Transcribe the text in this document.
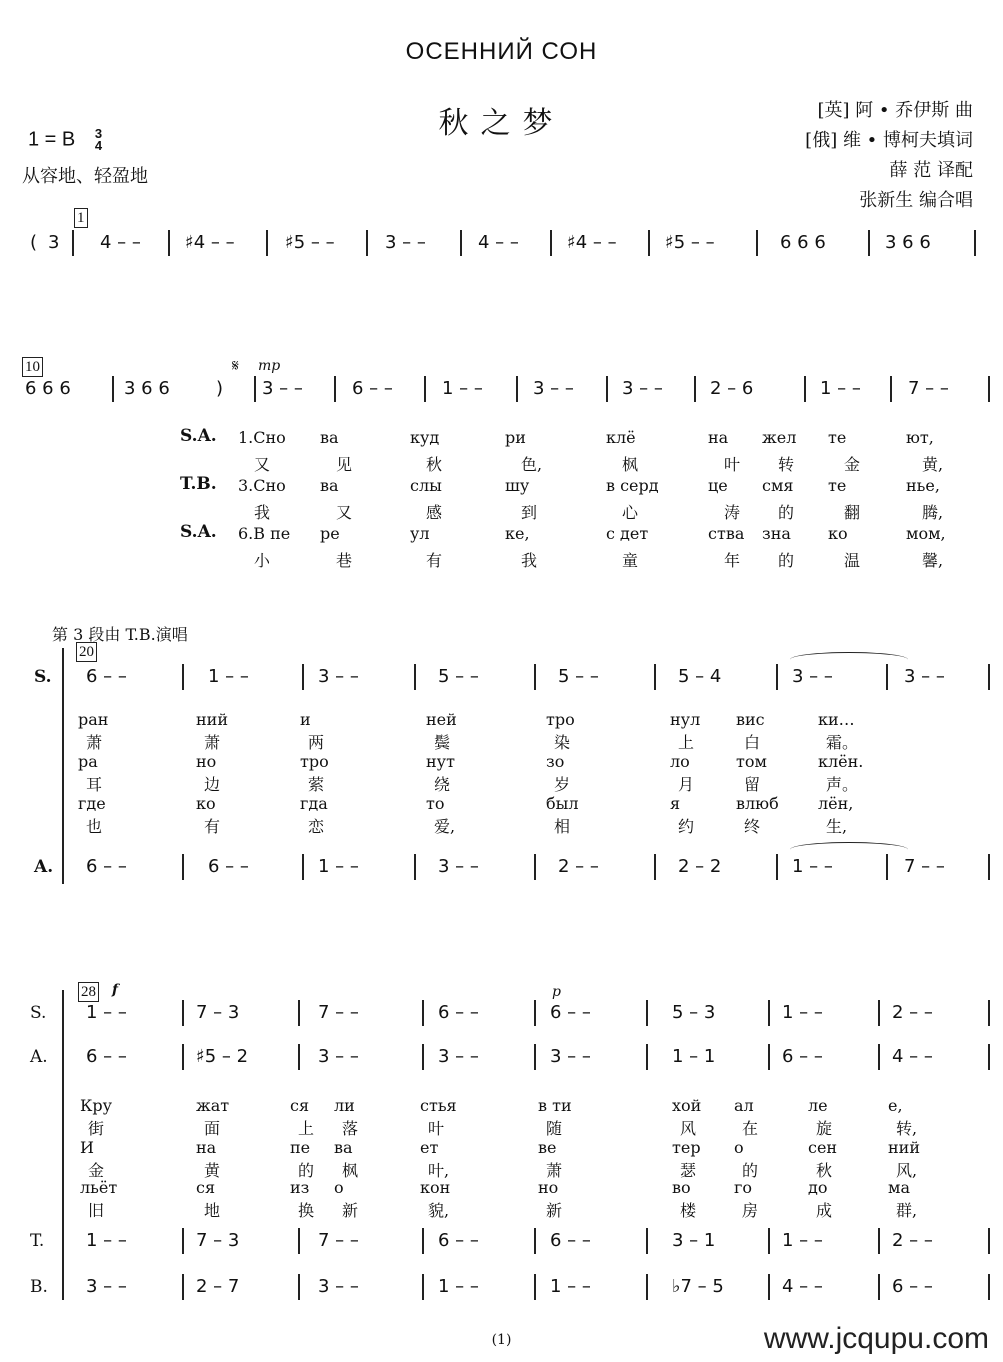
ОСЕННИЙ СОН
秋之梦	[英] 阿 • 乔伊斯 曲
[俄] 维 • 博柯夫填词
薛 范 译配
张新生 编合唱
1 = B 3
4
从容地、轻盈地
1
( 3 4 – – ♯4 – –	♯5 – –	3 – –	4 – –	♯4 – –	♯5 – –	6 6 6	3 6 6
10	𝄋 mp
6 6 6	3 6 6	) 3 – –	6 – –	1 – –	3 – –	3 – –	2 – 6	1 – –	7 – –
S.A.
T.B.
S.A.
1.Сно ва	куд	ри	клё	на жел те	ют,
又	见	秋	色,	枫	叶 转	金	黄,
3.Сно ва	слы	шу	в серд	це смя те	нье,
我	又	感	到	心	涛 的	翻	腾,
6.В пе ре	ул	ке,	с дет	ства зна ко	мом,
小	巷	有	我	童	年 的	温	馨,
第 3 段由 T.B.演唱
20
S.
A.
6 – –	1 – –	3 – –	5 – –	5 – –	5 – 4	3 – –	3 – –
6 – –	6 – –	1 – –	3 – –	2 – –	2 – 2	1 – –	7 – –
ран	ний	и	ней	тро	нул вис	ки…
萧	萧	两	鬓	染	上	白	霜。
ра	но	тро	нут	зо	ло	том	клён.
耳	边	萦	绕	岁	月	留	声。
где	ко	гда	то	был	я	влюб лён,
也	有	恋	爱,	相	约	终	生,
28 f	p
S. 1 – –	7 – 3	7 – –	6 – –	6 – –	5 – 3	1 – –	2 – –
A. 6 – –	♯5 – 2	3 – –	3 – –	3 – –	1 – 1	6 – –	4 – –
T. 1 – –	7 – 3	7 – –	6 – –	6 – –	3 – 1	1 – –	2 – –
B. 3 – –	2 – 7	3 – –	1 – –	1 – –	♭7 – 5	4 – –	6 – –
Кру	жат	ся ли	стья	в ти	хой ал	ле	е,
街	面	上 落	叶	随	风	在	旋	转,
И	на	пе ва	ет	ве	тер о	сен	ний
金	黄	的 枫	叶,	萧	瑟	的	秋	风,
льёт	ся	из о	кон	но	во	го	до	ма
旧	地	换 新	貌,	新	楼	房	成	群,
(1)	www.jcqupu.com
